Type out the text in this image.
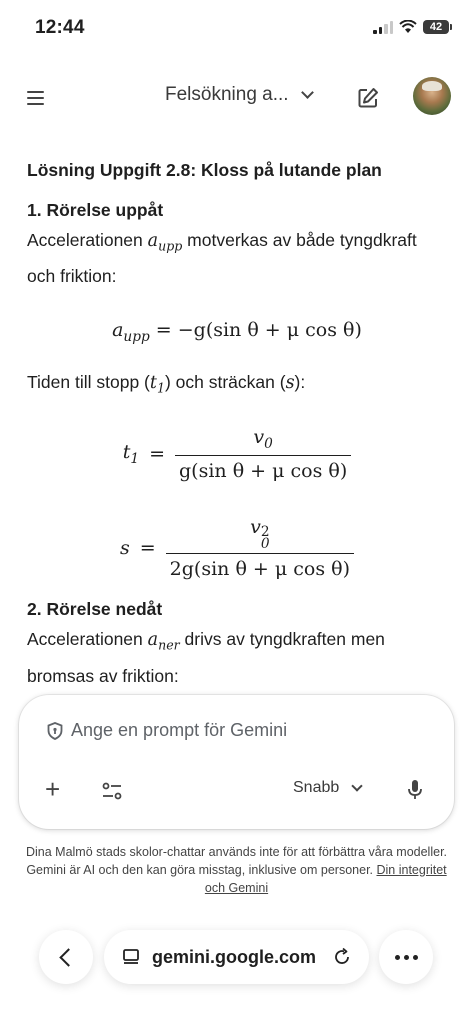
12:44	42
Felsökning a...
Lösning Uppgift 2.8: Kloss på lutande plan
1. Rörelse uppåt
Accelerationen $a_{upp}$ motverkas av både tyngdkraft och friktion:
$a_{upp} = -g(\sin$ θ + μ cos θ)
Tiden till stopp $(t_1)$ och sträckan (s):
$t_1 = \frac{v_0}{\text{g(sin θ + μ cos θ)}}$
s = v 2
0
2g(sin θ + μ cos θ)
2. Rörelse nedåt
Accelerationen $a_{ner}$ drivs av tyngdkraften men bromsas av friktion:
Ange en prompt för Gemini
+	Snabb
Dina Malmö stads skolor-chattar används inte för att förbättra våra modeller. Gemini är AI och den kan göra misstag, inklusive om personer. Din integritet och Gemini
gemini.google.com
